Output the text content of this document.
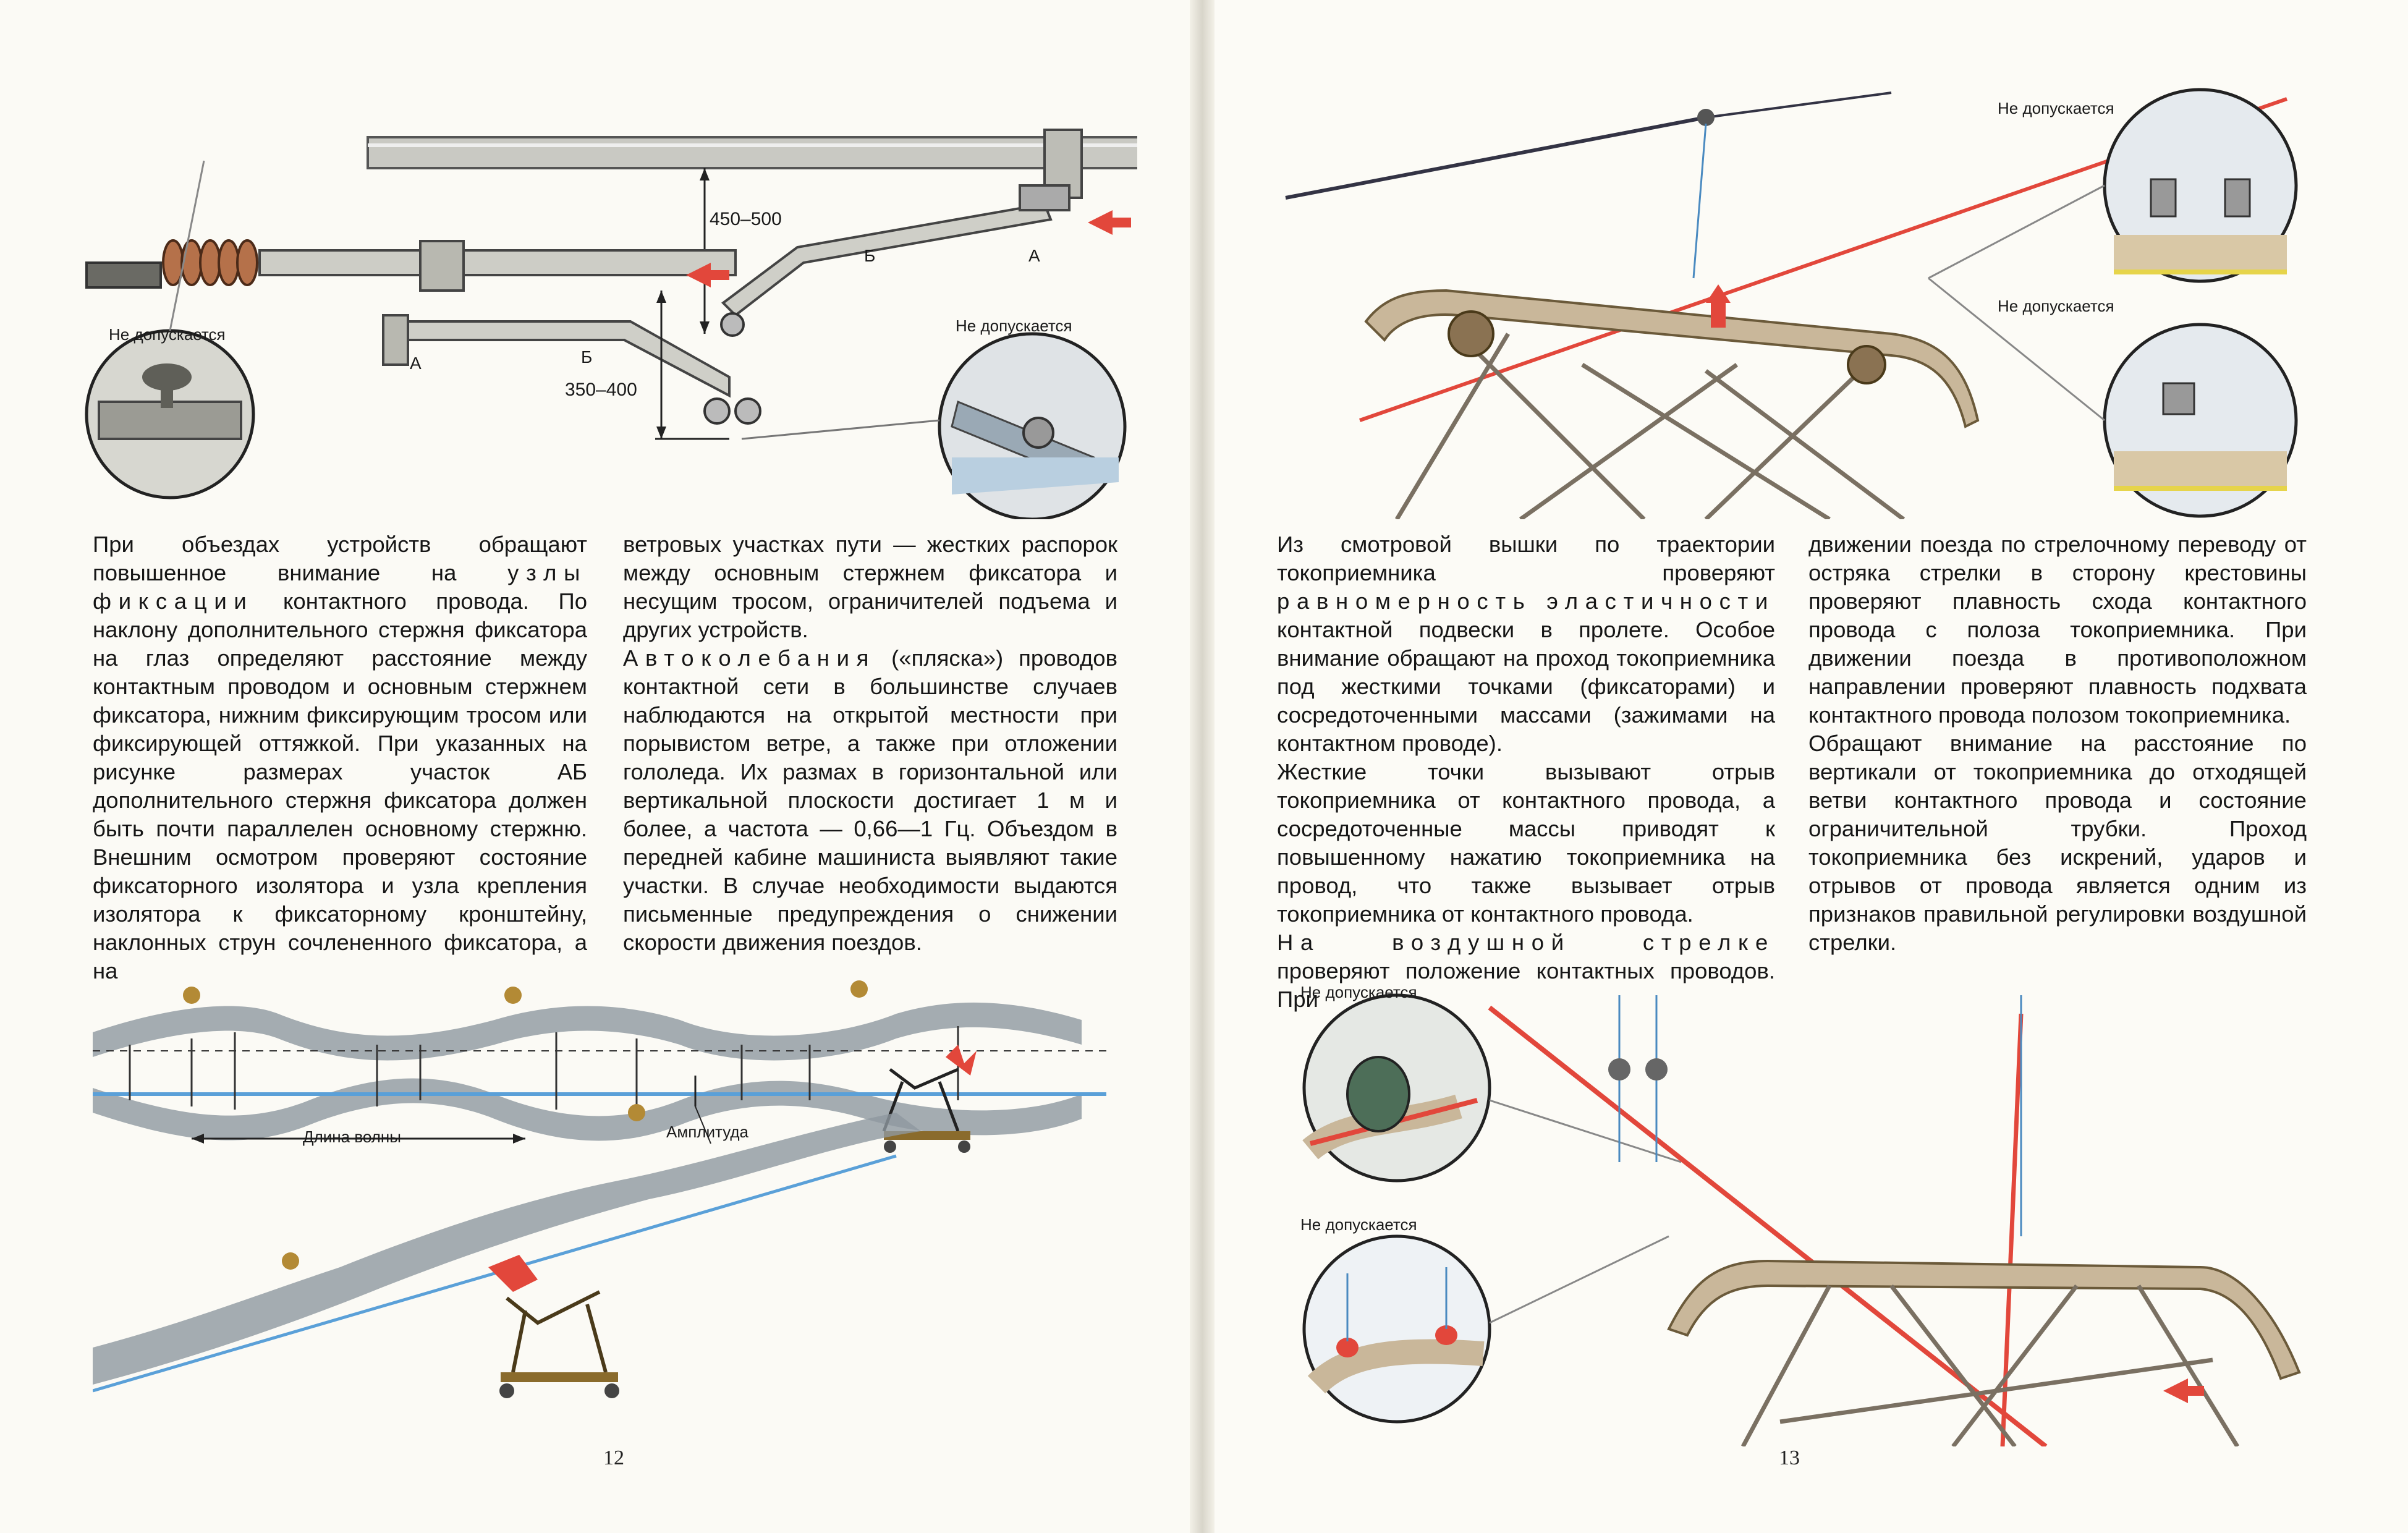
450–500
350–400
А	Б
А
Б
Не допускается	Не допускается

При объездах устройств обращают повышенное внимание на узлы фиксации контактного провода. По наклону дополнительного стержня фиксатора на глаз определяют расстояние между контактным проводом и основным стержнем фиксатора, нижним фиксирующим тросом или фиксирующей оттяжкой. При указанных на рисунке размерах участок АБ дополнительного стержня фиксатора должен быть почти параллелен основному стержню. Внешним осмотром проверяют состояние фиксаторного изолятора и узла крепления изолятора к фиксаторному кронштейну, наклонных струн сочлененного фиксатора, а на

ветровых участках пути — жестких распорок между основным стержнем фиксатора и несущим тросом, ограничителей подъема и других устройств.

Автоколебания («пляска») проводов контактной сети в большинстве случаев наблюдаются на открытой местности при порывистом ветре, а также при отложении гололеда. Их размах в горизонтальной или вертикальной плоскости достигает 1 м и более, а частота — 0,66—1 Гц. Объездом в передней кабине машиниста выявляют такие участки. В случае необходимости выдаются письменные предупреждения о снижении скорости движения поездов.

Длина волны	Амплитуда
12
Не допускается
Не допускается

Из смотровой вышки по траектории токоприемника проверяют равномерность эластичности контактной подвески в пролете. Особое внимание обращают на проход токоприемника под жесткими точками (фиксаторами) и сосредоточенными массами (зажимами на контактном проводе).

Жесткие точки вызывают отрыв токоприемника от контактного провода, а сосредоточенные массы приводят к повышенному нажатию токоприемника на провод, что также вызывает отрыв токоприемника от контактного провода.

На воздушной стрелке проверяют положение контактных проводов. При

движении поезда по стрелочному переводу от остряка стрелки в сторону крестовины проверяют плавность схода контактного провода с полоза токоприемника. При движении поезда в противоположном направлении проверяют плавность подхвата контактного провода полозом токоприемника.

Обращают внимание на расстояние по вертикали от токоприемника до отходящей ветви контактного провода и состояние ограничительной трубки. Проход токоприемника без искрений, ударов и отрывов от провода является одним из признаков правильной регулировки воздушной стрелки.

Не допускается
Не допускается
13
